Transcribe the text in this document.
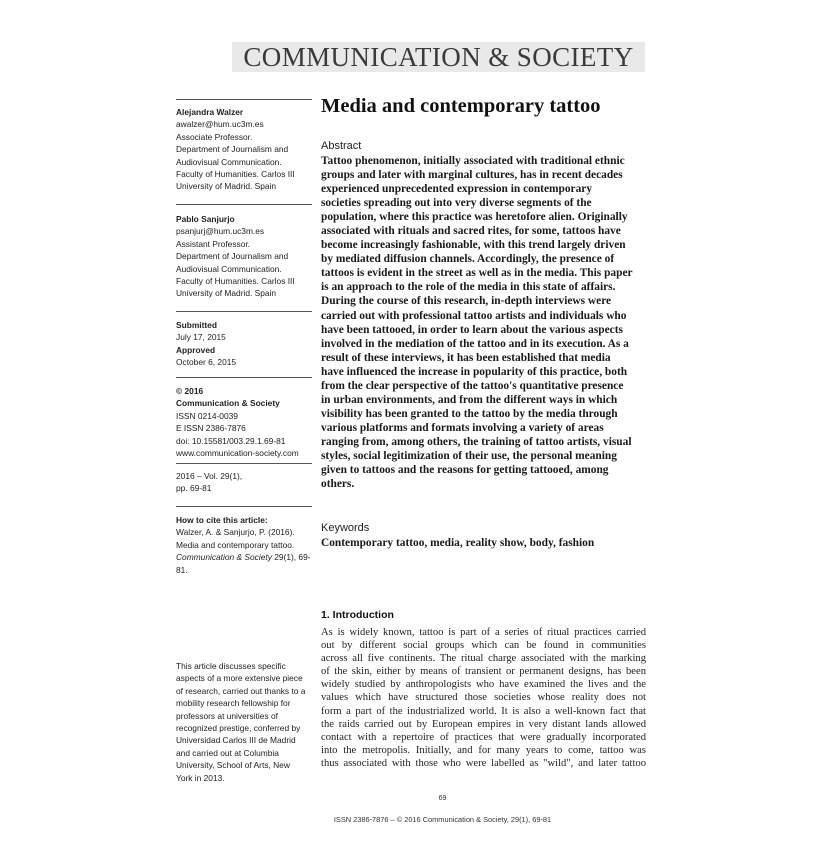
COMMUNICATION & SOCIETY
Alejandra Walzer
awalzer@hum.uc3m.es
Associate Professor.
Department of Journalism and
Audiovisual Communication.
Faculty of Humanities. Carlos III
University of Madrid. Spain
Pablo Sanjurjo
psanjurj@hum.uc3m.es
Assistant Professor.
Department of Journalism and
Audiovisual Communication.
Faculty of Humanities. Carlos III
University of Madrid. Spain
Submitted
July 17, 2015
Approved
October 6, 2015
© 2016
Communication & Society
ISSN 0214-0039
E ISSN 2386-7876
doi: 10.15581/003.29.1.69-81
www.communication-society.com
2016 – Vol. 29(1),
pp. 69-81
How to cite this article:
Walzer, A. & Sanjurjo, P. (2016).
Media and contemporary tattoo.
Communication & Society 29(1), 69-
81.
This article discusses specific
aspects of a more extensive piece
of research, carried out thanks to a
mobility research fellowship for
professors at universities of
recognized prestige, conferred by
Universidad Carlos III de Madrid
and carried out at Columbia
University, School of Arts, New
York in 2013.
Media and contemporary tattoo
Abstract
Tattoo phenomenon, initially associated with traditional ethnic
groups and later with marginal cultures, has in recent decades
experienced unprecedented expression in contemporary
societies spreading out into very diverse segments of the
population, where this practice was heretofore alien. Originally
associated with rituals and sacred rites, for some, tattoos have
become increasingly fashionable, with this trend largely driven
by mediated diffusion channels. Accordingly, the presence of
tattoos is evident in the street as well as in the media. This paper
is an approach to the role of the media in this state of affairs.
During the course of this research, in-depth interviews were
carried out with professional tattoo artists and individuals who
have been tattooed, in order to learn about the various aspects
involved in the mediation of the tattoo and in its execution. As a
result of these interviews, it has been established that media
have influenced the increase in popularity of this practice, both
from the clear perspective of the tattoo's quantitative presence
in urban environments, and from the different ways in which
visibility has been granted to the tattoo by the media through
various platforms and formats involving a variety of areas
ranging from, among others, the training of tattoo artists, visual
styles, social legitimization of their use, the personal meaning
given to tattoos and the reasons for getting tattooed, among
others.
Keywords
Contemporary tattoo, media, reality show, body, fashion
1. Introduction
As is widely known, tattoo is part of a series of ritual practices carried
out by different social groups which can be found in communities
across all five continents. The ritual charge associated with the marking
of the skin, either by means of transient or permanent designs, has been
widely studied by anthropologists who have examined the lives and the
values which have structured those societies whose reality does not
form a part of the industrialized world. It is also a well-known fact that
the raids carried out by European empires in very distant lands allowed
contact with a repertoire of practices that were gradually incorporated
into the metropolis. Initially, and for many years to come, tattoo was
thus associated with those who were labelled as "wild", and later tattoo
69
ISSN 2386-7876 – © 2016 Communication & Society, 29(1), 69-81
